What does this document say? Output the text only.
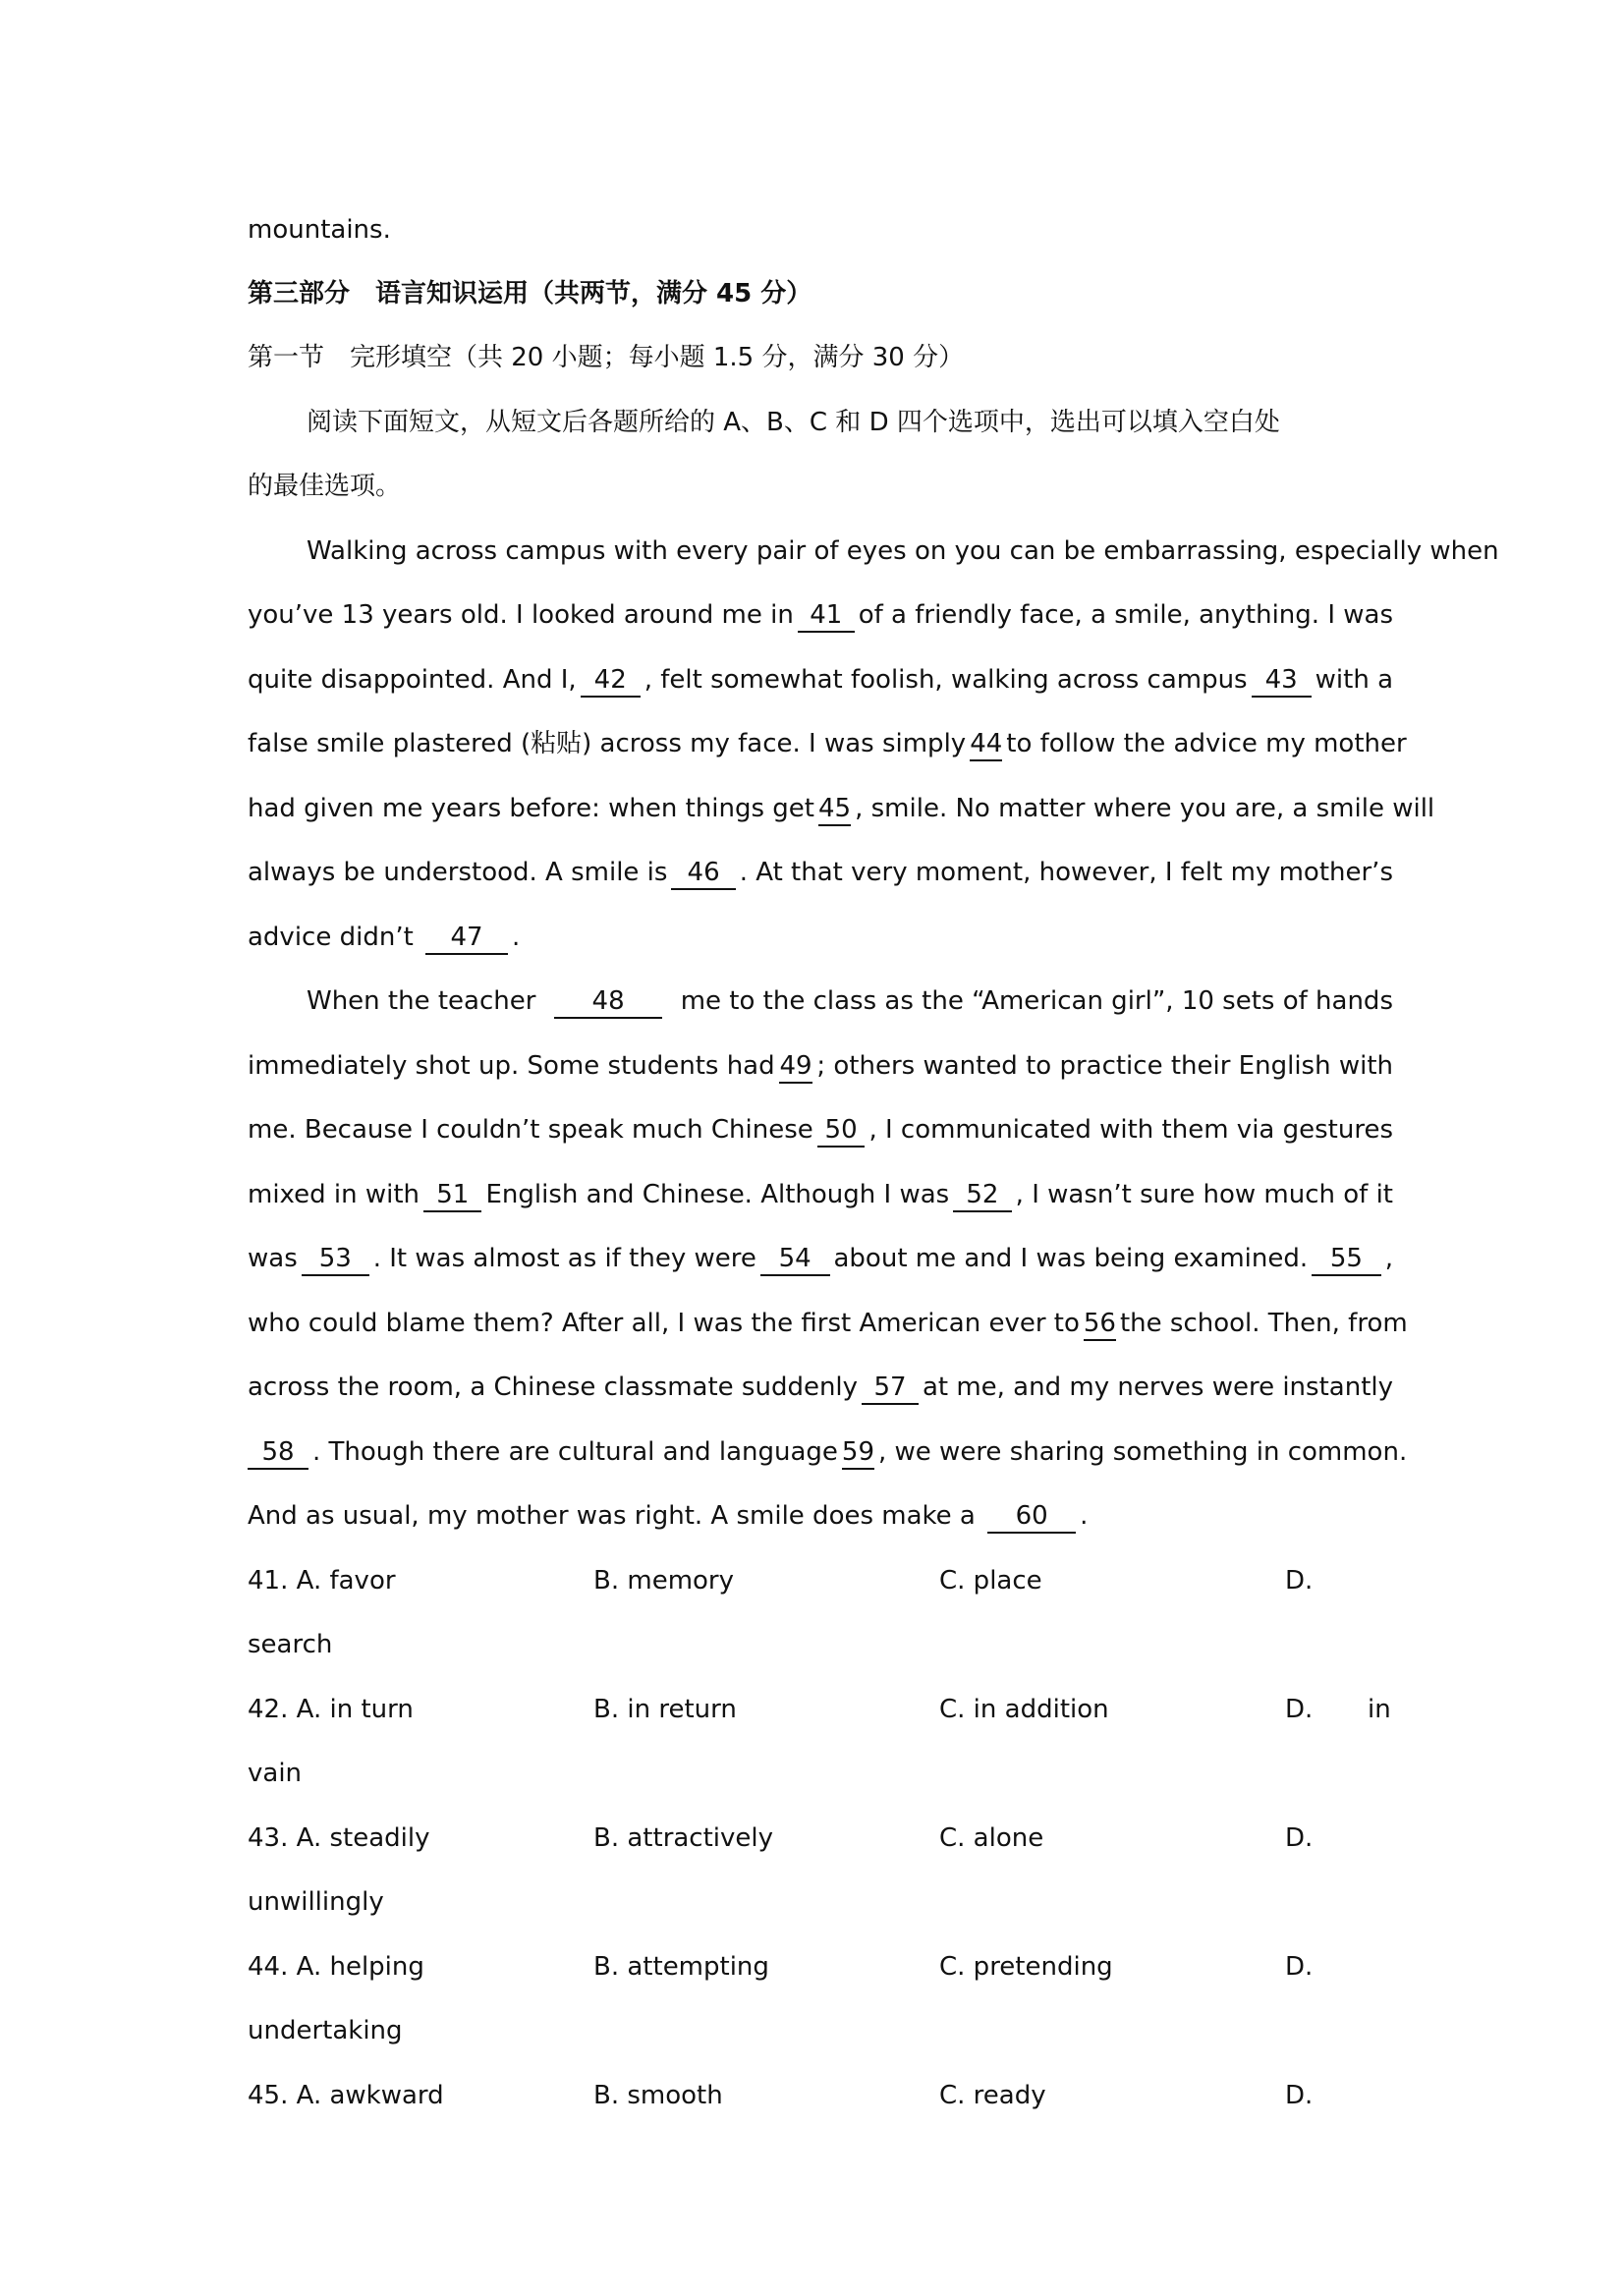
mountains.
第三部分　语言知识运用（共两节，满分 45 分）
第一节　完形填空（共 20 小题；每小题 1.5 分，满分 30 分）
阅读下面短文，从短文后各题所给的 A、B、C 和 D 四个选项中，选出可以填入空白处
的最佳选项。
Walking across campus with every pair of eyes on you can be embarrassing, especially when
you’ve 13 years old. I looked around me in 41 of a friendly face, a smile, anything. I was
quite disappointed. And I, 42 , felt somewhat foolish, walking across campus 43 with a
false smile plastered (粘贴) across my face. I was simply 44 to follow the advice my mother
had given me years before: when things get 45 , smile. No matter where you are, a smile will
always be understood. A smile is 46 . At that very moment, however, I felt my mother’s
advice didn’t 47 .
When the teacher	48	me to the class as the “American girl”, 10 sets of hands
immediately shot up. Some students had 49 ; others wanted to practice their English with
me. Because I couldn’t speak much Chinese 50 , I communicated with them via gestures
mixed in with 51 English and Chinese. Although I was 52 , I wasn’t sure how much of it
was 53 . It was almost as if they were 54 about me and I was being examined. 55 ,
who could blame them? After all, I was the first American ever to 56 the school. Then, from
across the room, a Chinese classmate suddenly 57 at me, and my nerves were instantly
58 . Though there are cultural and language 59 , we were sharing something in common.
And as usual, my mother was right. A smile does make a 60 .
41. A. favor	B. memory	C. place	D.
search
42. A. in turn	B. in return	C. in addition	D. in
vain
43. A. steadily	B. attractively	C. alone	D.
unwillingly
44. A. helping	B. attempting	C. pretending	D.
undertaking
45. A. awkward	B. smooth	C. ready	D.
